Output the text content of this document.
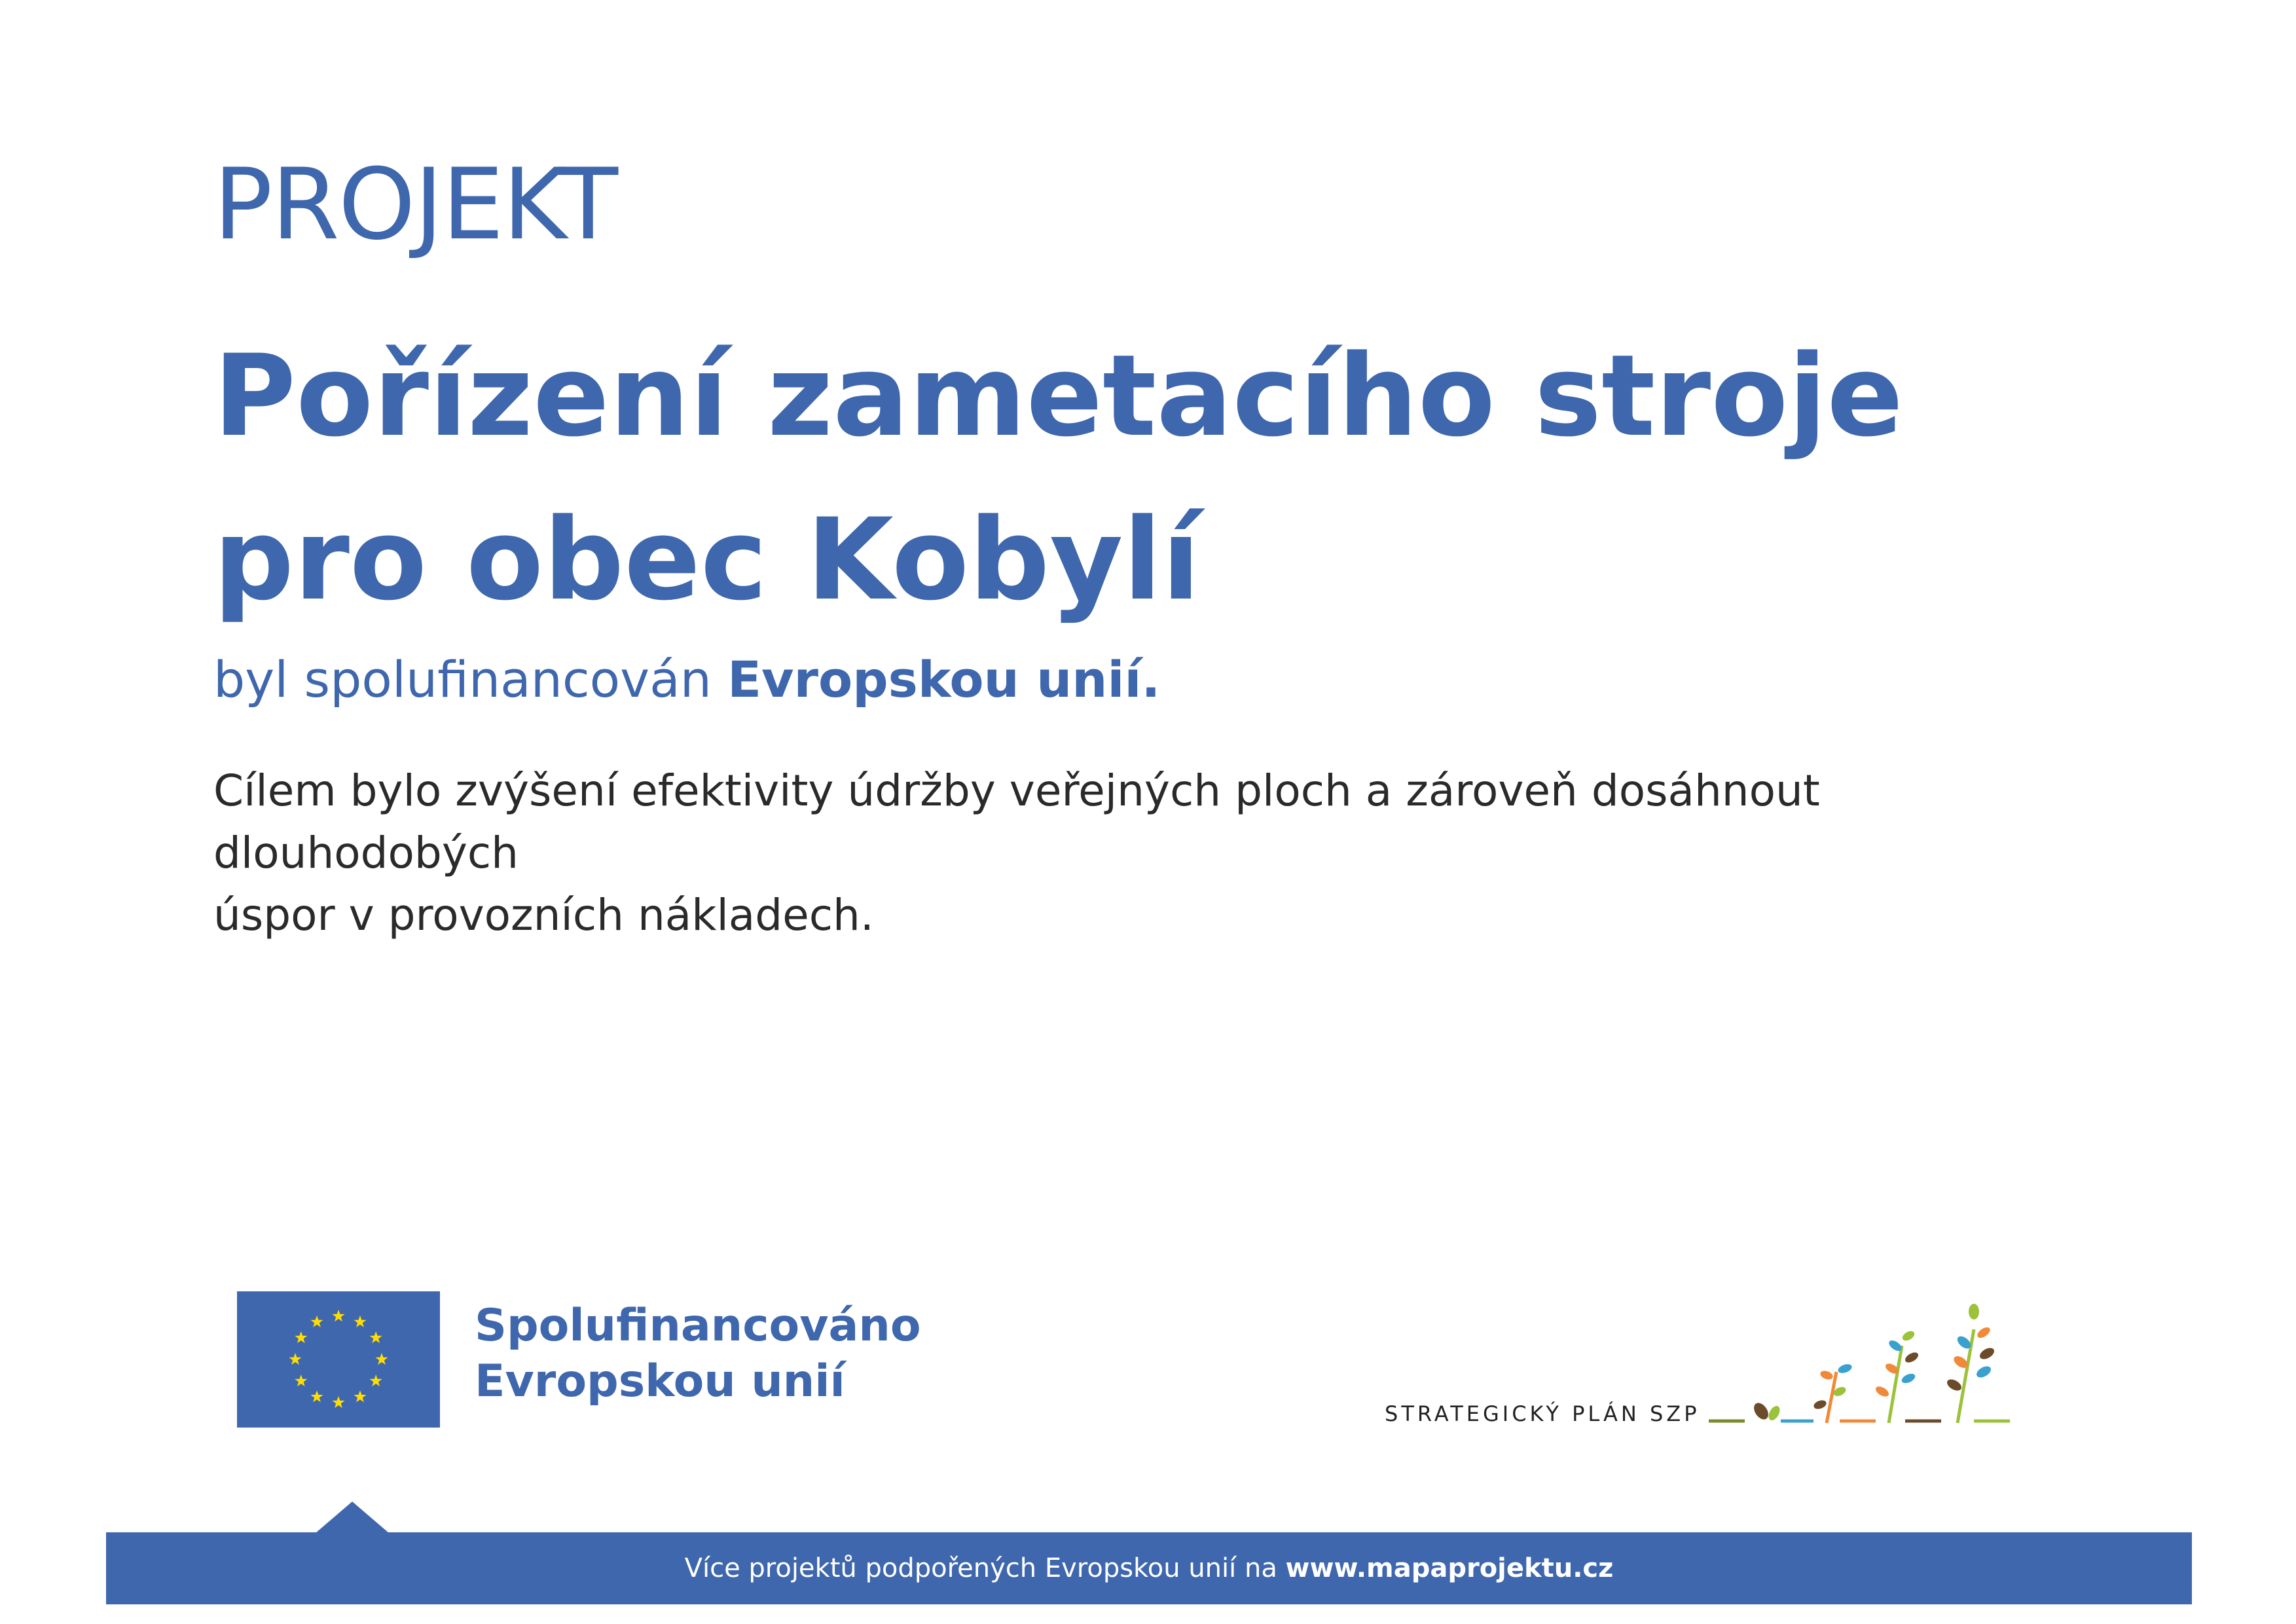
PROJEKT
Pořízení zametacího stroje
pro obec Kobylí
byl spolufinancován Evropskou unií.
Cílem bylo zvýšení efektivity údržby veřejných ploch a zároveň dosáhnout dlouhodobých
úspor v provozních nákladech.
Spolufinancováno
Evropskou unií
STRATEGICKÝ PLÁN SZP
Více projektů podpořených Evropskou unií na www.mapaprojektu.cz
